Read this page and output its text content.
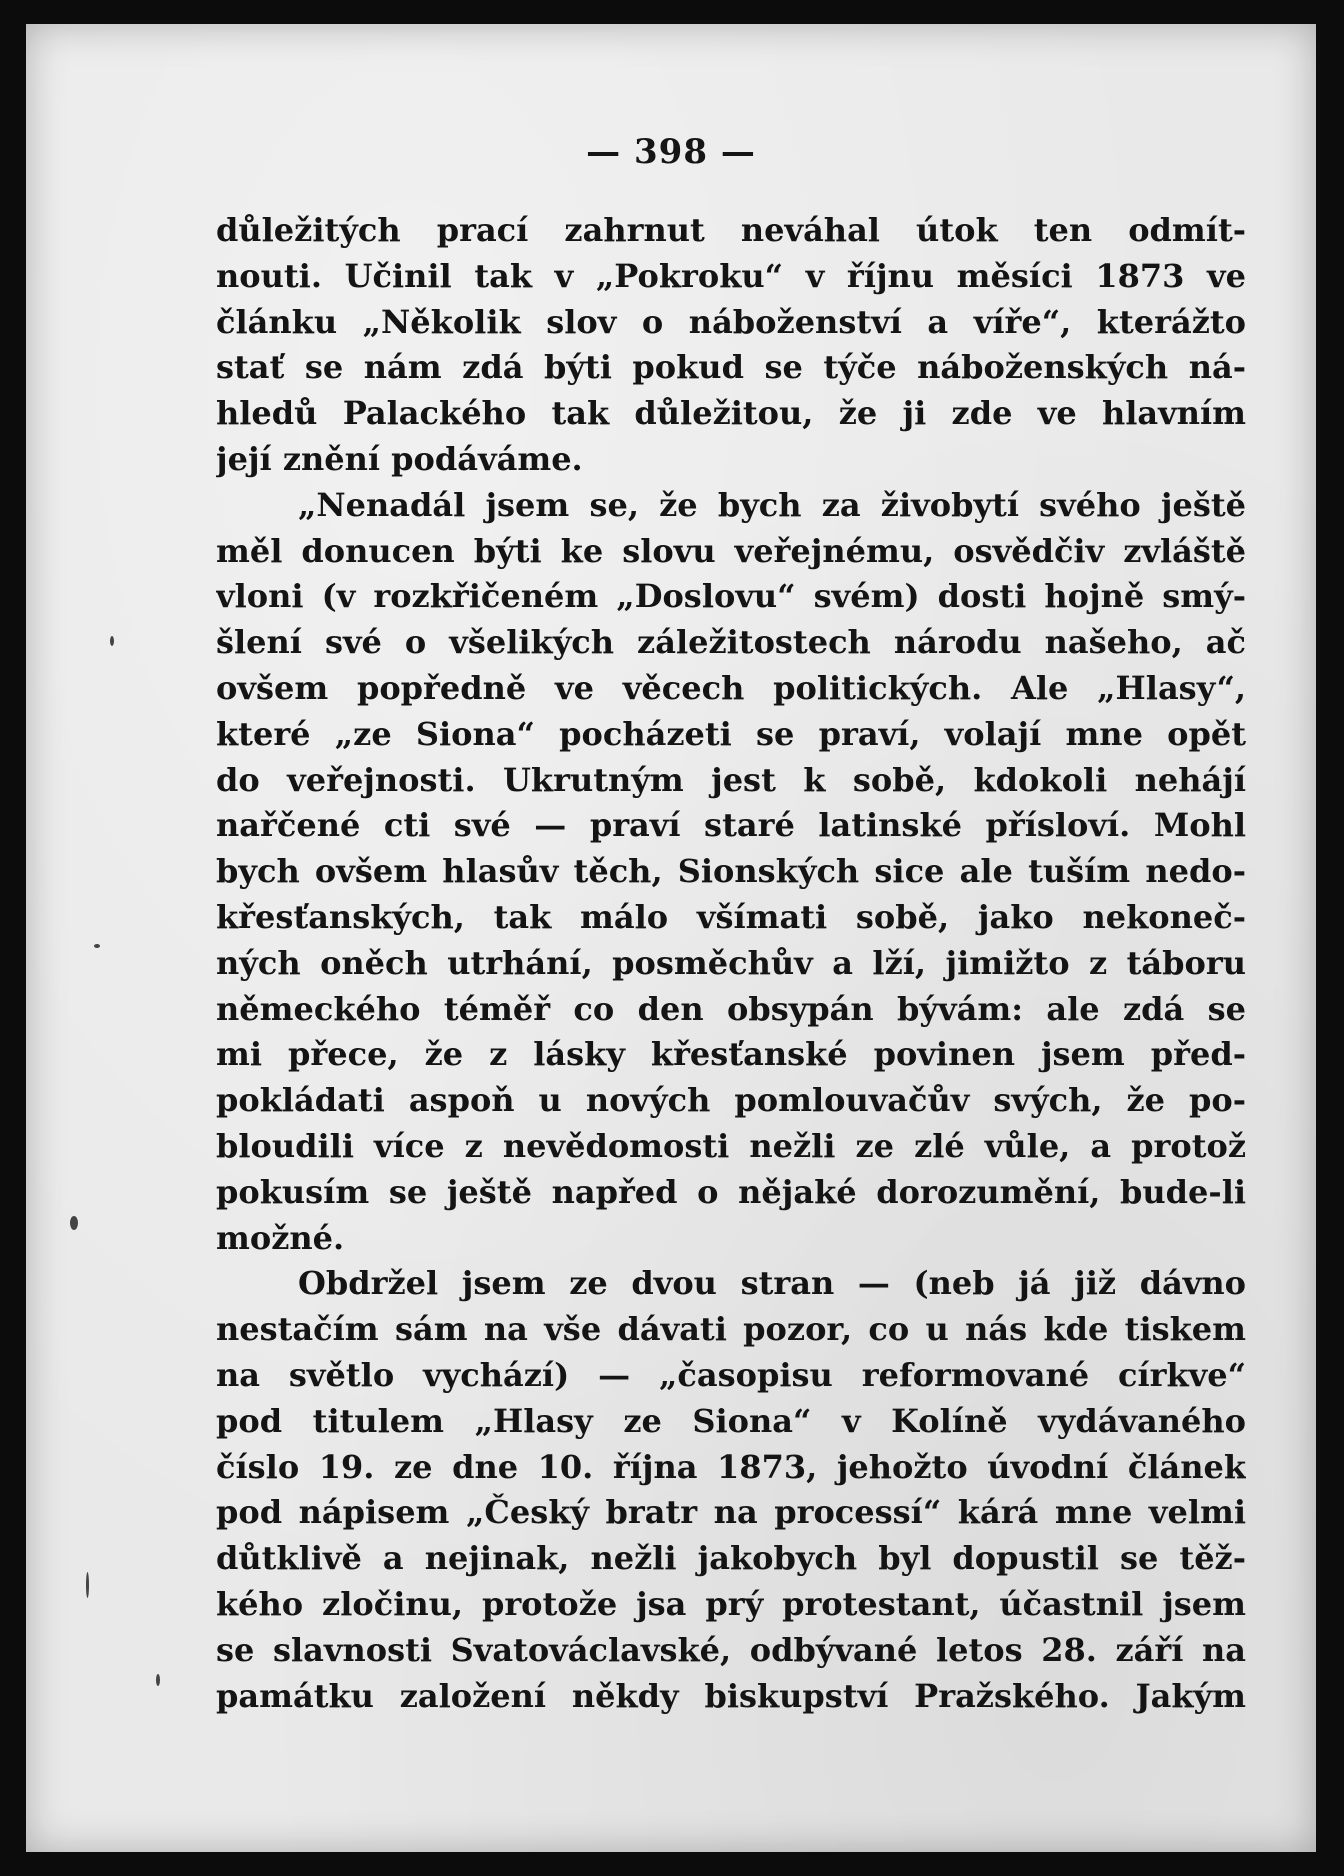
— 398 —
důležitých prací zahrnut neváhal útok ten odmít-
nouti. Učinil tak v „Pokroku“ v říjnu měsíci 1873 ve
článku „Několik slov o náboženství a víře“, kterážto
stať se nám zdá býti pokud se týče náboženských ná-
hledů Palackého tak důležitou, že ji zde ve hlavním
její znění podáváme.
„Nenadál jsem se, že bych za živobytí svého ještě
měl donucen býti ke slovu veřejnému, osvědčiv zvláště
vloni (v rozkřičeném „Doslovu“ svém) dosti hojně smý-
šlení své o všelikých záležitostech národu našeho, ač
ovšem popředně ve věcech politických. Ale „Hlasy“,
které „ze Siona“ pocházeti se praví, volají mne opět
do veřejnosti. Ukrutným jest k sobě, kdokoli nehájí
nařčené cti své — praví staré latinské přísloví. Mohl
bych ovšem hlasův těch, Sionských sice ale tuším nedo-
křesťanských, tak málo všímati sobě, jako nekoneč-
ných oněch utrhání, posměchův a lží, jimižto z táboru
německého téměř co den obsypán bývám: ale zdá se
mi přece, že z lásky křesťanské povinen jsem před-
pokládati aspoň u nových pomlouvačův svých, že po-
bloudili více z nevědomosti nežli ze zlé vůle, a protož
pokusím se ještě napřed o nějaké dorozumění, bude-li
možné.
Obdržel jsem ze dvou stran — (neb já již dávno
nestačím sám na vše dávati pozor, co u nás kde tiskem
na světlo vychází) — „časopisu reformované církve“
pod titulem „Hlasy ze Siona“ v Kolíně vydávaného
číslo 19. ze dne 10. října 1873, jehožto úvodní článek
pod nápisem „Český bratr na processí“ kárá mne velmi
důtklivě a nejinak, nežli jakobych byl dopustil se těž-
kého zločinu, protože jsa prý protestant, účastnil jsem
se slavnosti Svatováclavské, odbývané letos 28. září na
památku založení někdy biskupství Pražského. Jakým
